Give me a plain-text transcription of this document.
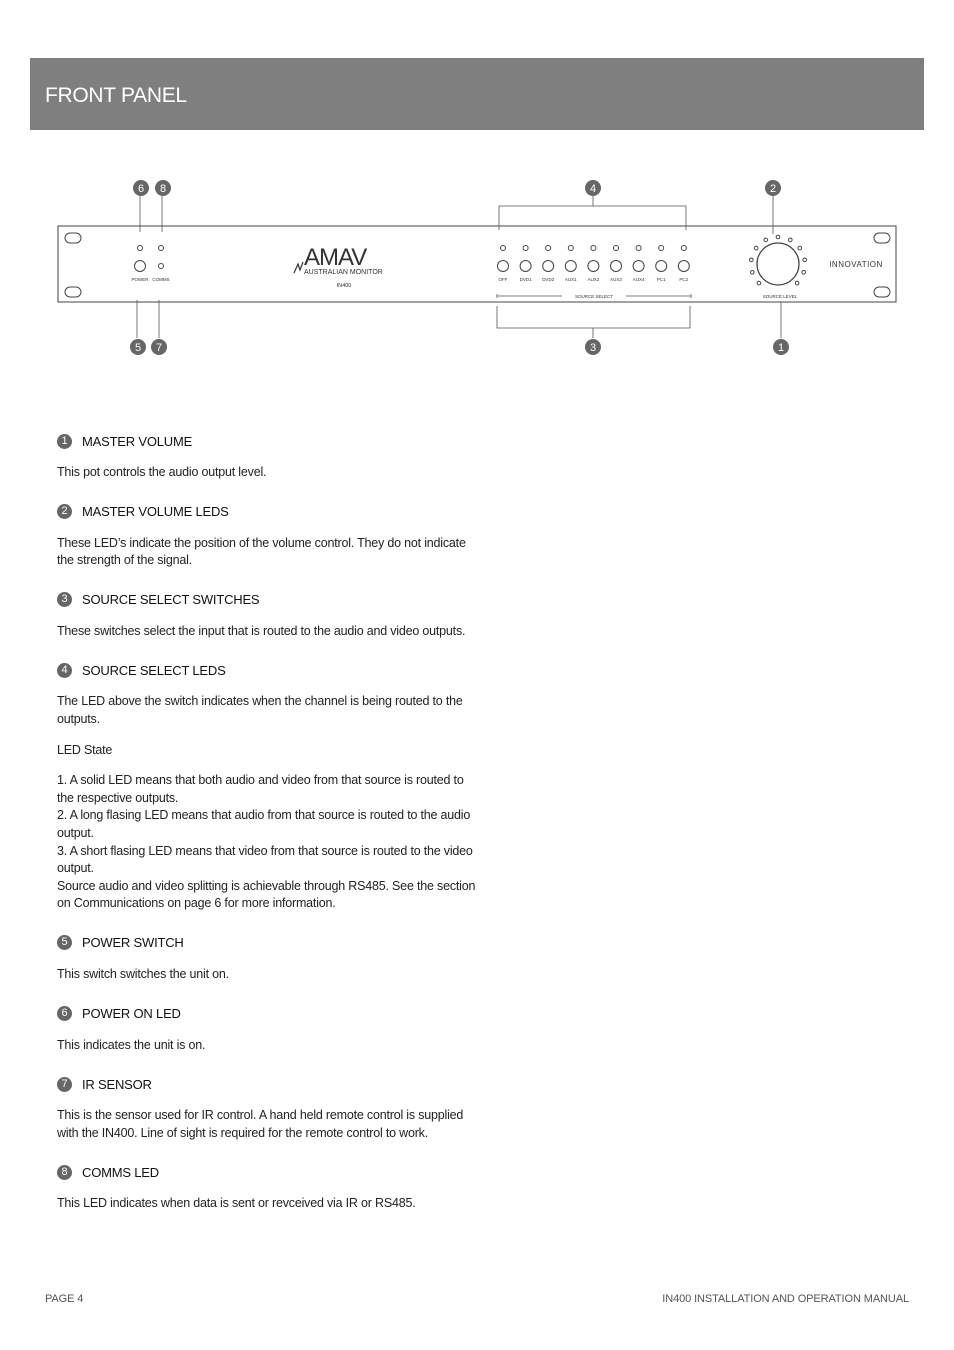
FRONT PANEL
POWER COMMS
AMAV
AUSTRALIAN MONITOR
IN400
OFF	DVD1 DVD2 AUX1 AUX2 AUX3 AUX4	PC1	PC2
SOURCE SELECT	SOURCE LEVEL
INNOVATION
6 8	4	2
5 7	3	1
1	MASTER VOLUME

This pot controls the audio output level.

2	MASTER VOLUME LEDS

These LED’s indicate the position of the volume control. They do not indicate the strength of the signal.

3	SOURCE SELECT SWITCHES

These switches select the input that is routed to the audio and video outputs.

4	SOURCE SELECT LEDS

The LED above the switch indicates when the channel is being routed to the outputs.

LED State

1. A solid LED means that both audio and video from that source is routed to the respective outputs.
2. A long flasing LED means that audio from that source is routed to the audio output.
3. A short flasing LED means that video from that source is routed to the video output.
Source audio and video splitting is achievable through RS485. See the section on Communications on page 6 for more information.
5	POWER SWITCH

This switch switches the unit on.

6	POWER ON LED

This indicates the unit is on.

7	IR SENSOR

This is the sensor used for IR control. A hand held remote control is supplied with the IN400. Line of sight is required for the remote control to work.

8	COMMS LED

This LED indicates when data is sent or revceived via IR or RS485.

PAGE 4	IN400 INSTALLATION AND OPERATION MANUAL
